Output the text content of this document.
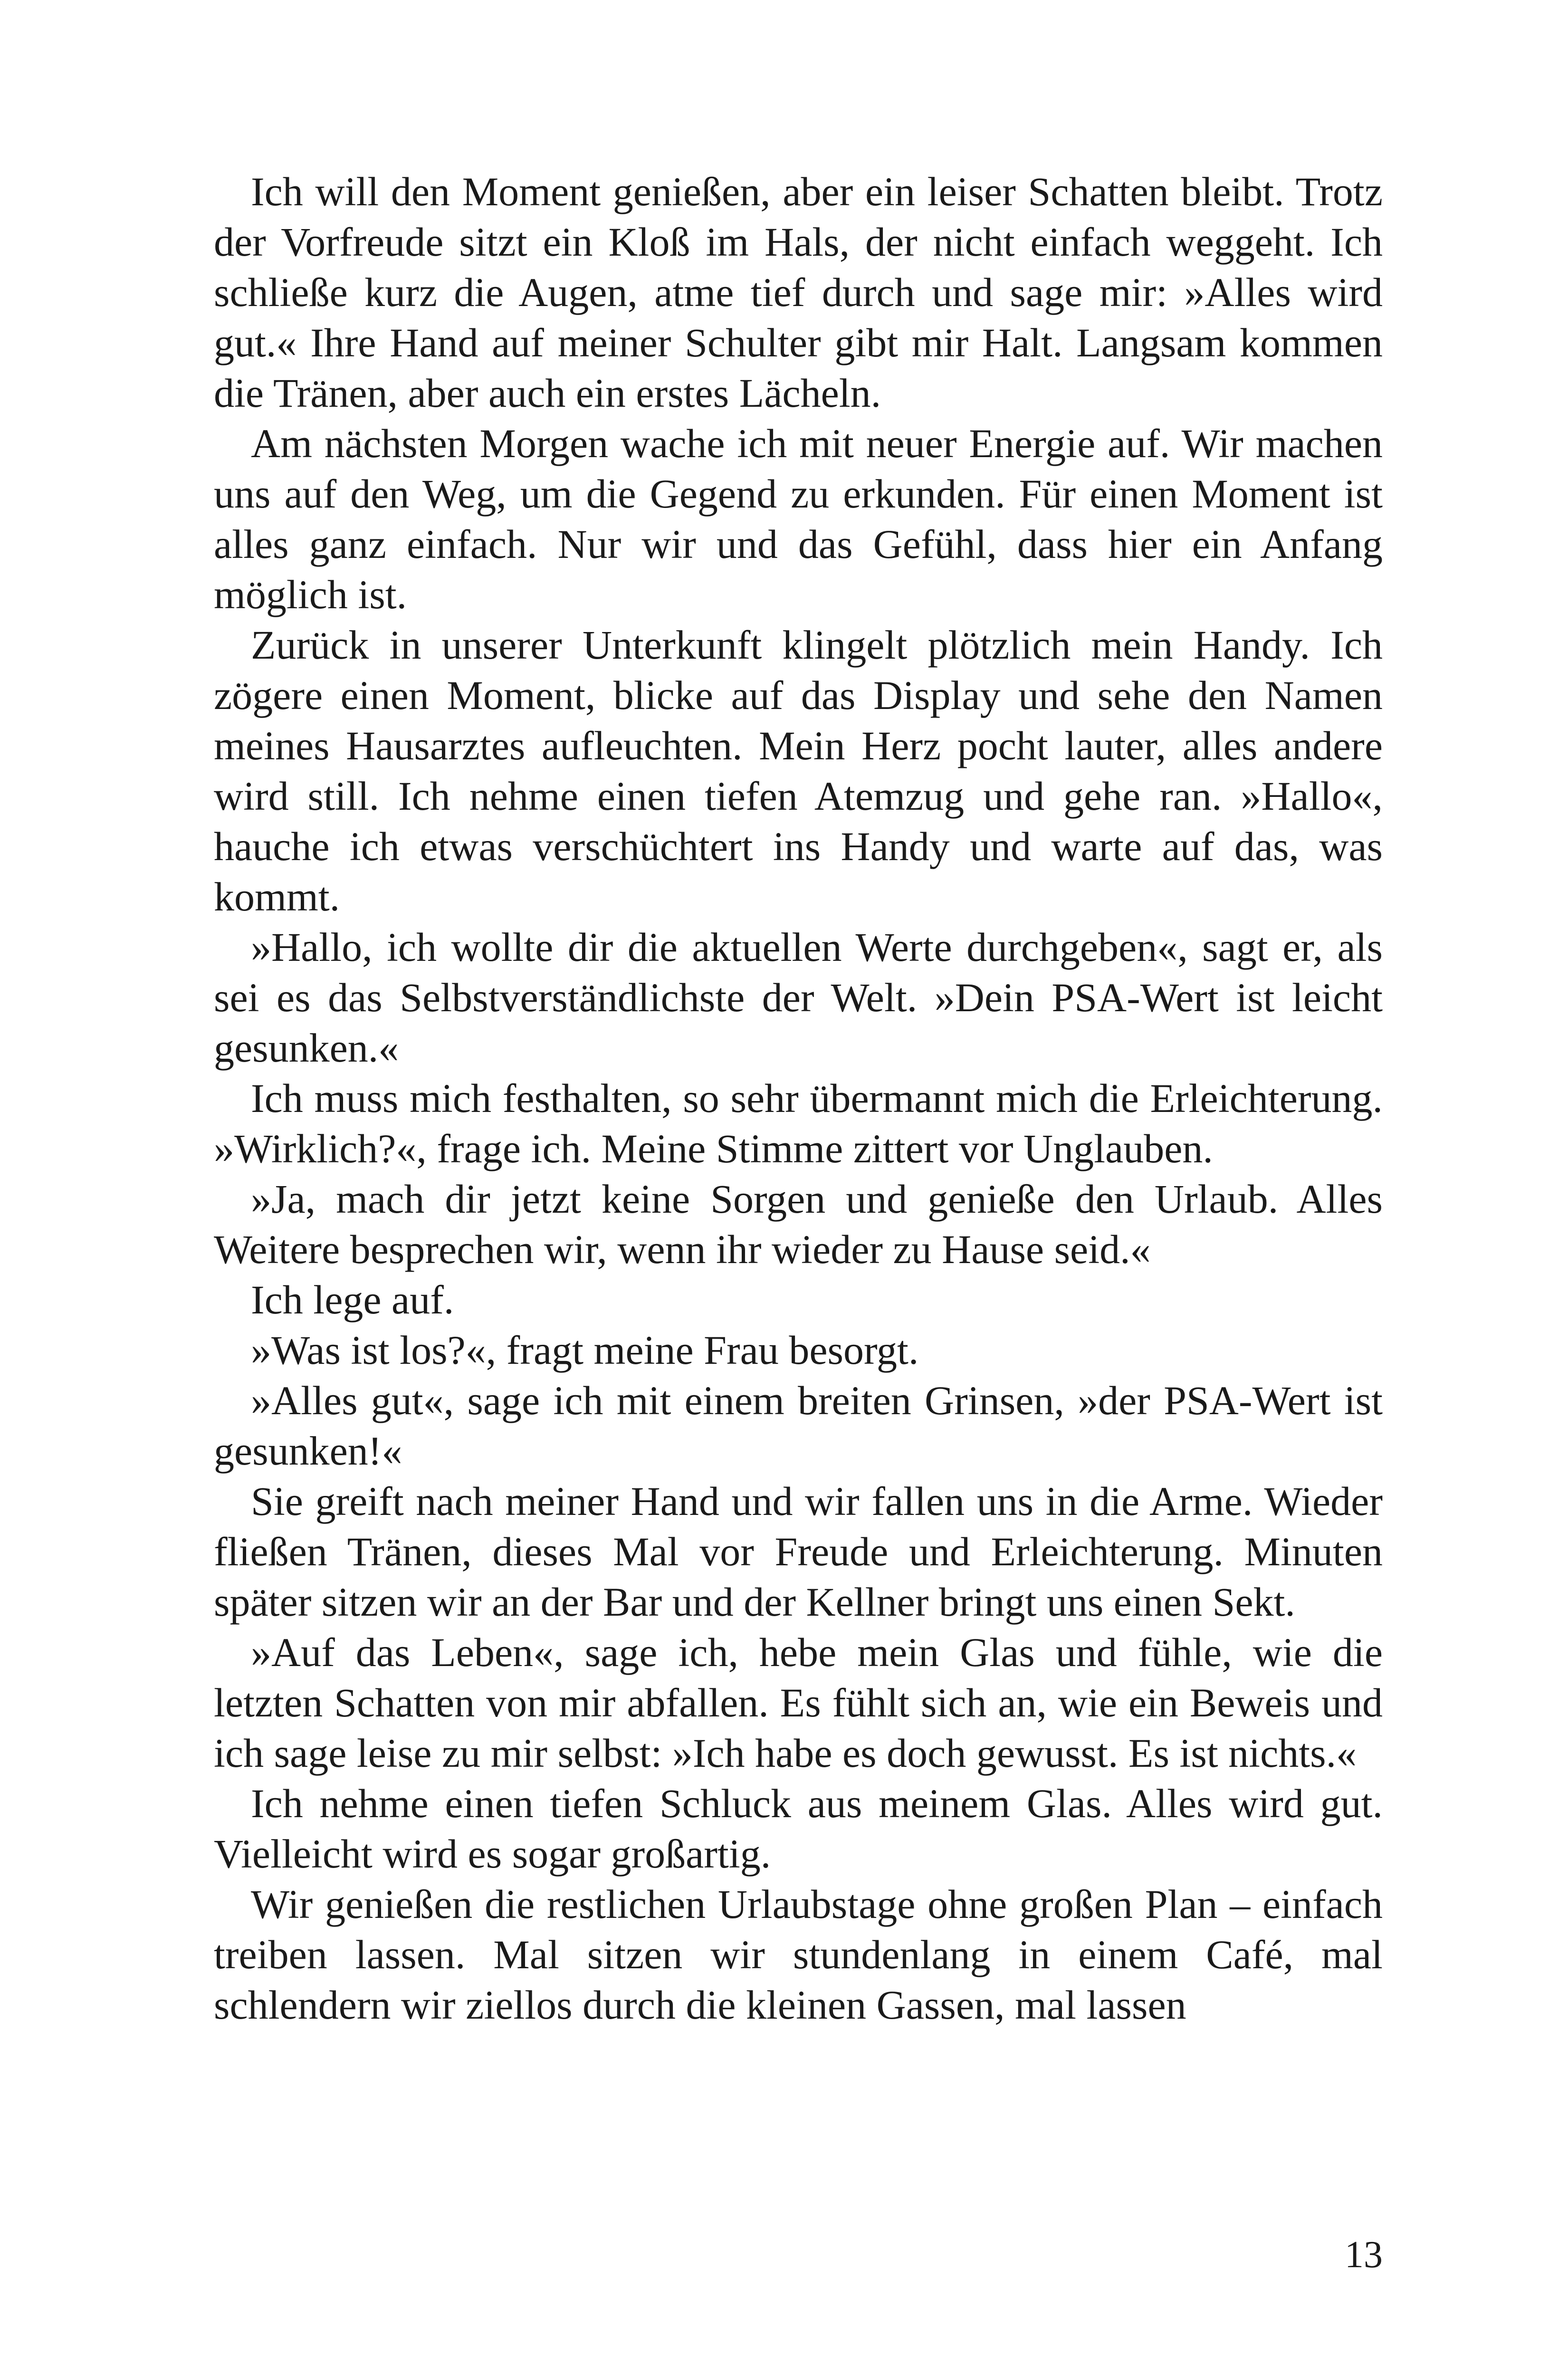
Ich will den Moment genießen, aber ein leiser Schatten bleibt. Trotz der Vorfreude sitzt ein Kloß im Hals, der nicht einfach weggeht. Ich schließe kurz die Augen, atme tief durch und sage mir: »Alles wird gut.« Ihre Hand auf meiner Schulter gibt mir Halt. Langsam kommen die Tränen, aber auch ein erstes Lächeln.

Am nächsten Morgen wache ich mit neuer Energie auf. Wir machen uns auf den Weg, um die Gegend zu erkunden. Für einen Moment ist alles ganz einfach. Nur wir und das Gefühl, dass hier ein Anfang möglich ist.

Zurück in unserer Unterkunft klingelt plötzlich mein Handy. Ich zögere einen Moment, blicke auf das Display und sehe den Namen meines Hausarztes aufleuchten. Mein Herz pocht lauter, alles andere wird still. Ich nehme einen tiefen Atemzug und gehe ran. »Hallo«, hauche ich etwas verschüchtert ins Handy und warte auf das, was kommt.

»Hallo, ich wollte dir die aktuellen Werte durchgeben«, sagt er, als sei es das Selbstverständlichste der Welt. »Dein PSA-Wert ist leicht gesunken.«

Ich muss mich festhalten, so sehr übermannt mich die Erleichterung. »Wirklich?«, frage ich. Meine Stimme zittert vor Unglauben.

»Ja, mach dir jetzt keine Sorgen und genieße den Urlaub. Alles Weitere besprechen wir, wenn ihr wieder zu Hause seid.«

Ich lege auf.

»Was ist los?«, fragt meine Frau besorgt.

»Alles gut«, sage ich mit einem breiten Grinsen, »der PSA-Wert ist gesunken!«

Sie greift nach meiner Hand und wir fallen uns in die Arme. Wieder fließen Tränen, dieses Mal vor Freude und Erleichterung. Minuten später sitzen wir an der Bar und der Kellner bringt uns einen Sekt.

»Auf das Leben«, sage ich, hebe mein Glas und fühle, wie die letzten Schatten von mir abfallen. Es fühlt sich an, wie ein Beweis und ich sage leise zu mir selbst: »Ich habe es doch gewusst. Es ist nichts.«

Ich nehme einen tiefen Schluck aus meinem Glas. Alles wird gut. Vielleicht wird es sogar großartig.

Wir genießen die restlichen Urlaubstage ohne großen Plan – einfach treiben lassen. Mal sitzen wir stundenlang in einem Café, mal schlendern wir ziellos durch die kleinen Gassen, mal lassen

13
